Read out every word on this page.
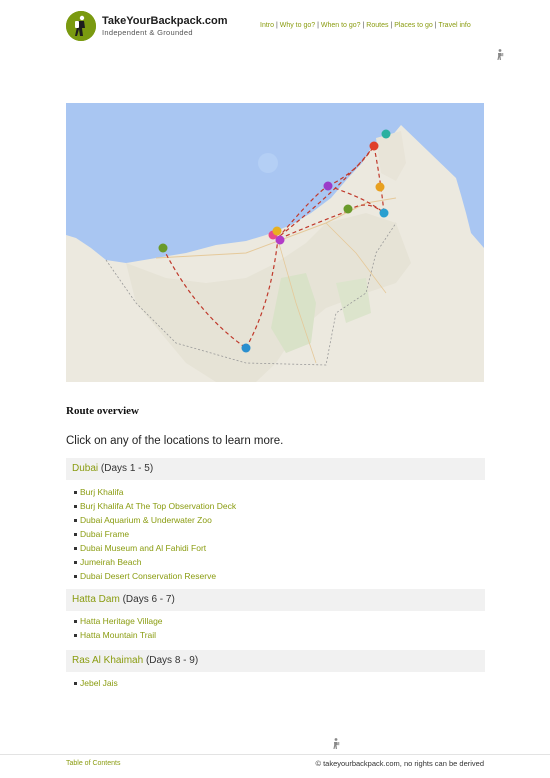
TakeYourBackpack.com
Independent & Grounded
Intro | Why to go? | When to go? | Routes | Places to go | Travel info
Route overview
Click on any of the locations to learn more.
Dubai (Days 1 - 5)
Burj Khalifa
Burj Khalifa At The Top Observation Deck
Dubai Aquarium & Underwater Zoo
Dubai Frame
Dubai Museum and Al Fahidi Fort
Jumeirah Beach
Dubai Desert Conservation Reserve
Hatta Dam (Days 6 - 7)
Hatta Heritage Village
Hatta Mountain Trail
Ras Al Khaimah (Days 8 - 9)
Jebel Jais
Table of Contents	© takeyourbackpack.com, no rights can be derived
